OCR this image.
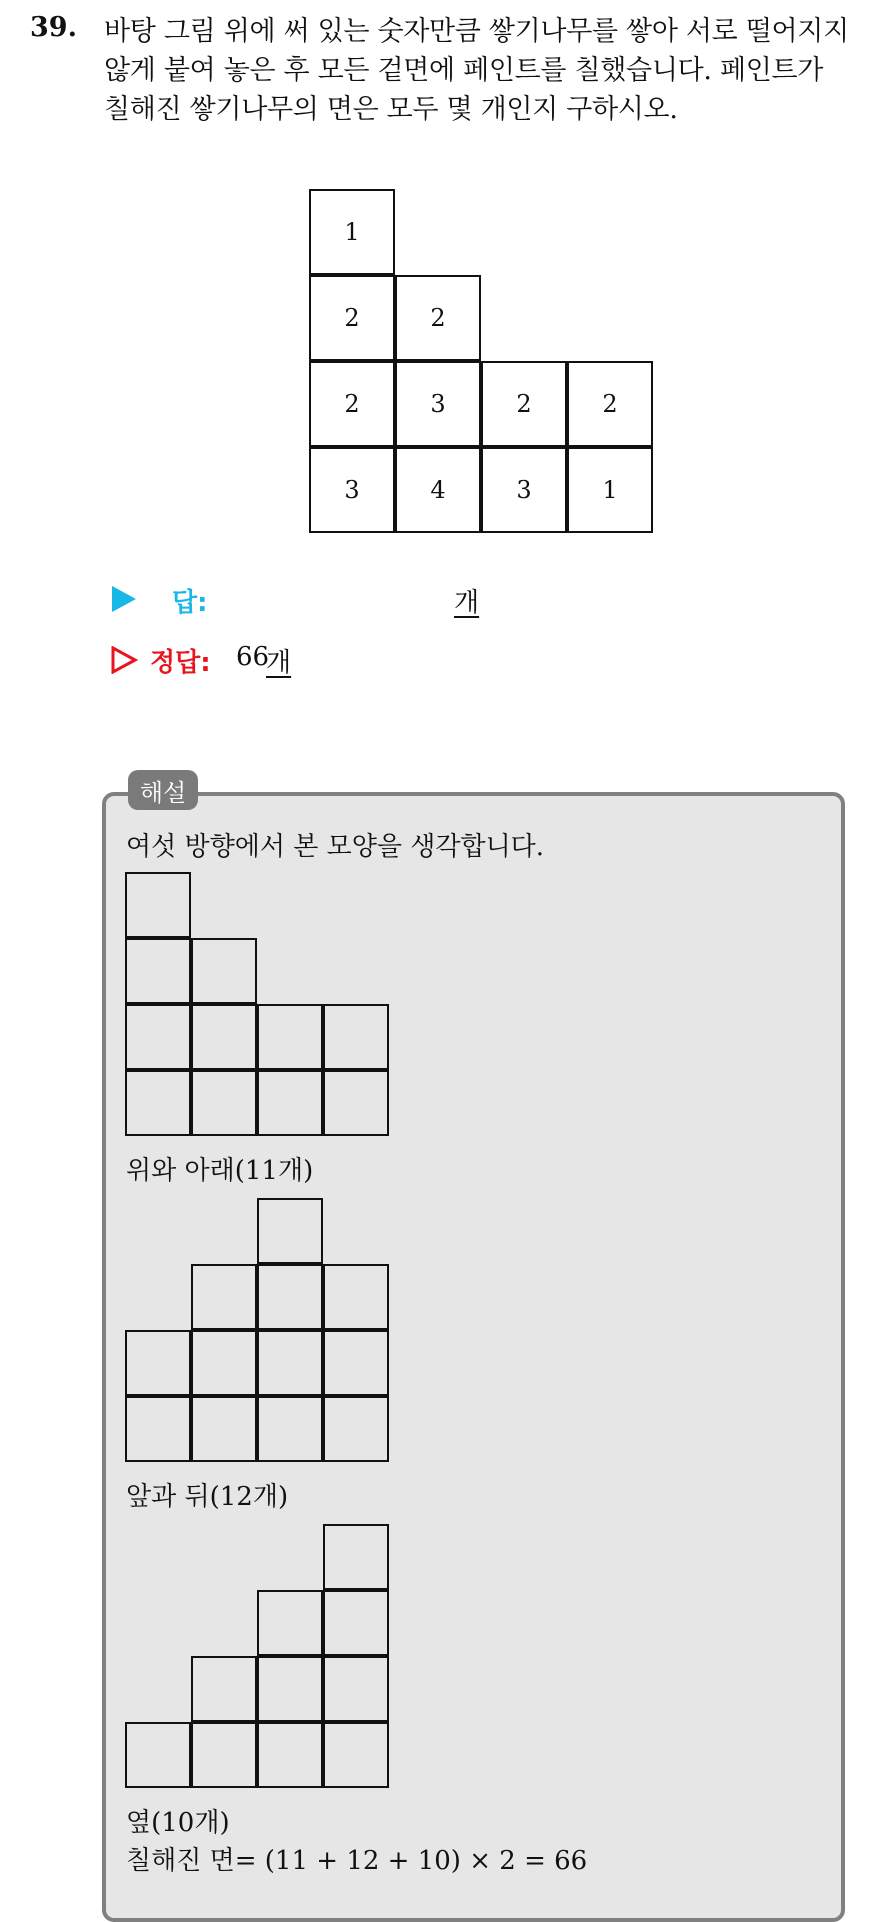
39. 바탕 그림 위에 써 있는 숫자만큼 쌓기나무를 쌓아 서로 떨어지지
않게 붙여 놓은 후 모든 겉면에 페인트를 칠했습니다. 페인트가
칠해진 쌓기나무의 면은 모두 몇 개인지 구하시오.
1
2	2
2	3	2	2
3	4	3	1
답:	개
정답: 66
개
해설
여섯 방향에서 본 모양을 생각합니다.
위와 아래(11개)
앞과 뒤(12개)
옆(10개)
칠해진 면= (11 + 12 + 10) × 2 = 66
